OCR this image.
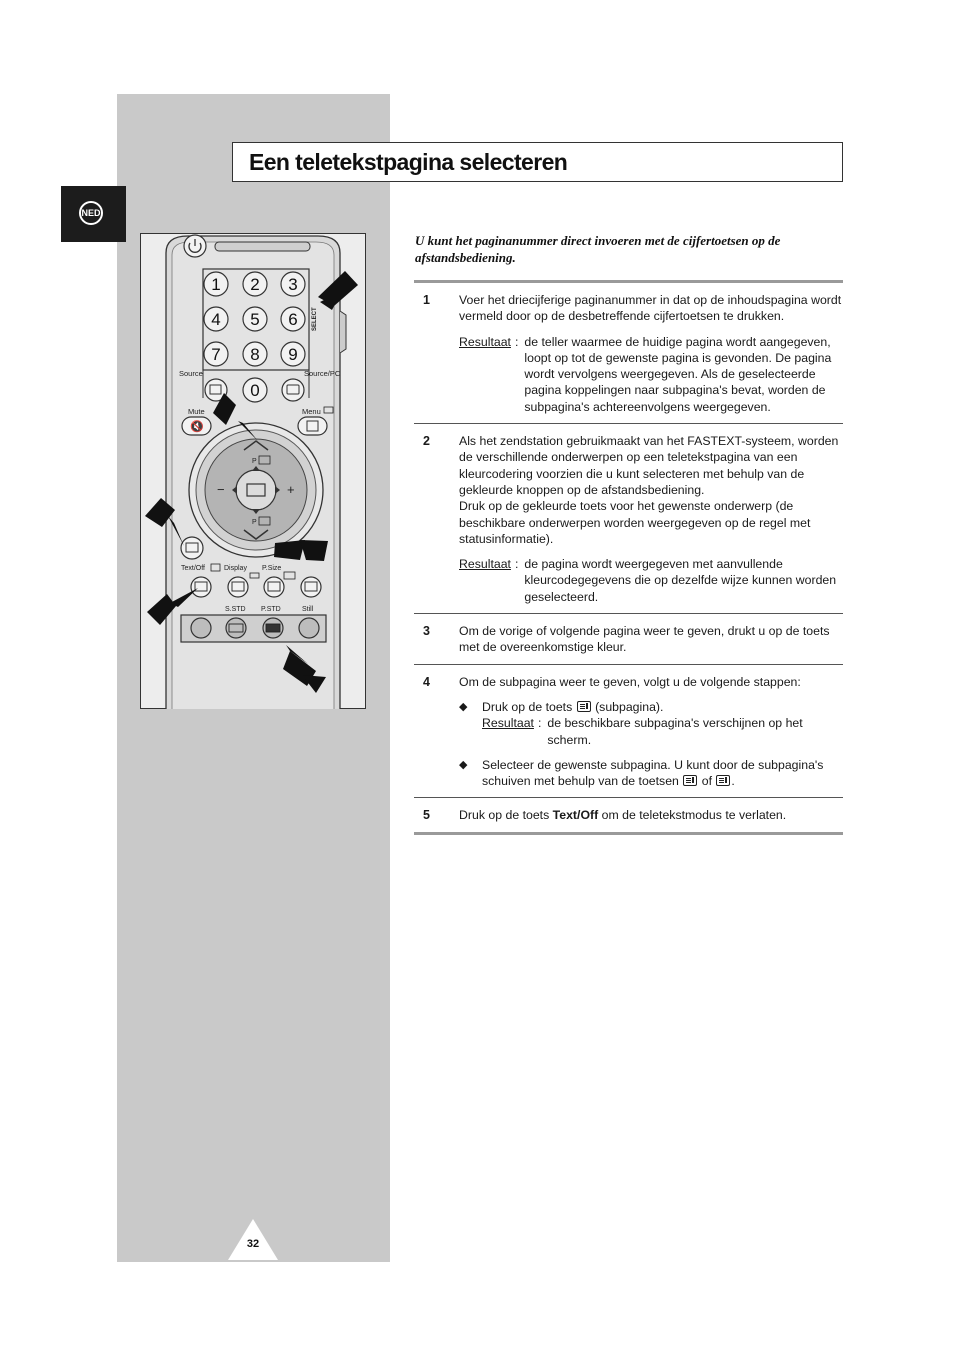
NED
Een teletekstpagina selecteren
1 2 3
4 5 6
7 8 9
0
SELECT
Source	Source/PC
Mute	Menu
🔇
−	+
P
P
Text/Off	Display P.Size
S.STD P.STD	Still
U kunt het paginanummer direct invoeren met de cijfertoetsen op de afstandsbediening.
1 Voer het driecijferige paginanummer in dat op de inhoudspagina wordt vermeld door op de desbetreffende cijfertoetsen te drukken.

Resultaat : de teller waarmee de huidige pagina wordt aangegeven, loopt op tot de gewenste pagina is gevonden. De pagina wordt vervolgens weergegeven. Als de geselecteerde pagina koppelingen naar subpagina's bevat, worden de subpagina's achtereenvolgens weergegeven.
2 Als het zendstation gebruikmaakt van het FASTEXT-systeem, worden de verschillende onderwerpen op een teletekstpagina van een kleurcodering voorzien die u kunt selecteren met behulp van de gekleurde knoppen op de afstandsbediening.

Druk op de gekleurde toets voor het gewenste onderwerp (de beschikbare onderwerpen worden weergegeven op de regel met statusinformatie).

Resultaat : de pagina wordt weergegeven met aanvullende kleurcodegegevens die op dezelfde wijze kunnen worden geselecteerd.
3 Om de vorige of volgende pagina weer te geven, drukt u op de toets met de overeenkomstige kleur.

4 Om de subpagina weer te geven, volgt u de volgende stappen:

◆	Druk op de toets (subpagina).
Resultaat : de beschikbare subpagina's verschijnen op het scherm.
◆	Selecteer de gewenste subpagina. U kunt door de subpagina's schuiven met behulp van de toetsen of .
5 Druk op de toets Text/Off om de teletekstmodus te verlaten.

32
